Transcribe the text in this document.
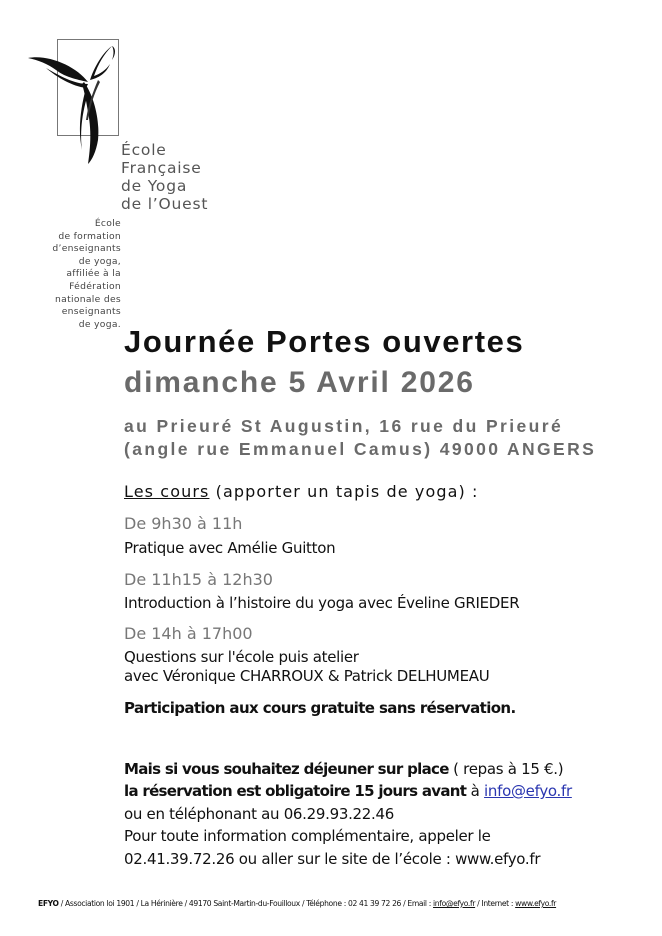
École
Française
de Yoga
de l’Ouest
École
de formation
d’enseignants
de yoga,
affiliée à la
Fédération
nationale des
enseignants
de yoga. Journée Portes ouvertes
dimanche 5 Avril 2026
au Prieuré St Augustin, 16 rue du Prieuré
(angle rue Emmanuel Camus) 49000 ANGERS
Les cours (apporter un tapis de yoga) :
De 9h30 à 11h
Pratique avec Amélie Guitton
De 11h15 à 12h30
Introduction à l’histoire du yoga avec Éveline GRIEDER
De 14h à 17h00
Questions sur l'école puis atelier
avec Véronique CHARROUX & Patrick DELHUMEAU
Participation aux cours gratuite sans réservation.
Mais si vous souhaitez déjeuner sur place ( repas à 15 €.)
la réservation est obligatoire 15 jours avant à info@efyo.fr
ou en téléphonant au 06.29.93.22.46
Pour toute information complémentaire, appeler le
02.41.39.72.26 ou aller sur le site de l’école : www.efyo.fr
EFYO / Association loi 1901 / La Hérinière / 49170 Saint-Martin-du-Fouilloux / Téléphone : 02 41 39 72 26 / Email : info@efyo.fr / Internet : www.efyo.fr
